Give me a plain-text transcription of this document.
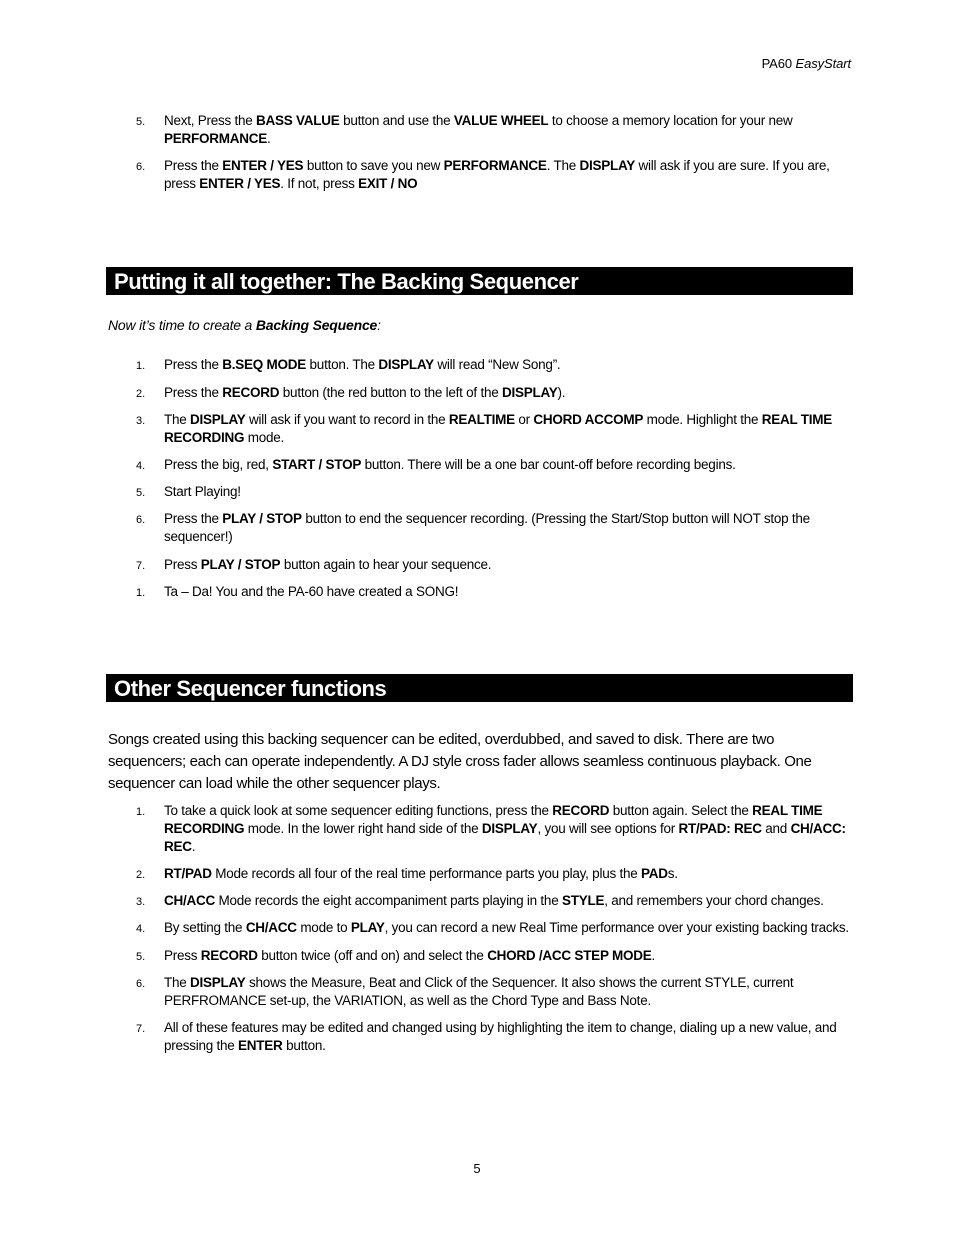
PA60 EasyStart
5. Next, Press the BASS VALUE button and use the VALUE WHEEL to choose a memory location for your new PERFORMANCE.
6. Press the ENTER / YES button to save you new PERFORMANCE. The DISPLAY will ask if you are sure. If you are, press ENTER / YES. If not, press EXIT / NO
Putting it all together: The Backing Sequencer
Now it’s time to create a Backing Sequence:
1. Press the B.SEQ MODE button. The DISPLAY will read “New Song”.
2. Press the RECORD button (the red button to the left of the DISPLAY).
3. The DISPLAY will ask if you want to record in the REALTIME or CHORD ACCOMP mode. Highlight the REAL TIME RECORDING mode.
4. Press the big, red, START / STOP button. There will be a one bar count-off before recording begins.
5. Start Playing!
6. Press the PLAY / STOP button to end the sequencer recording. (Pressing the Start/Stop button will NOT stop the sequencer!)
7. Press PLAY / STOP button again to hear your sequence.
1. Ta – Da! You and the PA-60 have created a SONG!
Other Sequencer functions
Songs created using this backing sequencer can be edited, overdubbed, and saved to disk. There are two sequencers; each can operate independently. A DJ style cross fader allows seamless continuous playback. One sequencer can load while the other sequencer plays.
1. To take a quick look at some sequencer editing functions, press the RECORD button again. Select the REAL TIME RECORDING mode. In the lower right hand side of the DISPLAY, you will see options for RT/PAD: REC and CH/ACC: REC.
2. RT/PAD Mode records all four of the real time performance parts you play, plus the PADs.
3. CH/ACC Mode records the eight accompaniment parts playing in the STYLE, and remembers your chord changes.
4. By setting the CH/ACC mode to PLAY, you can record a new Real Time performance over your existing backing tracks.
5. Press RECORD button twice (off and on) and select the CHORD /ACC STEP MODE.
6. The DISPLAY shows the Measure, Beat and Click of the Sequencer. It also shows the current STYLE, current PERFROMANCE set-up, the VARIATION, as well as the Chord Type and Bass Note.
7. All of these features may be edited and changed using by highlighting the item to change, dialing up a new value, and pressing the ENTER button.
5
